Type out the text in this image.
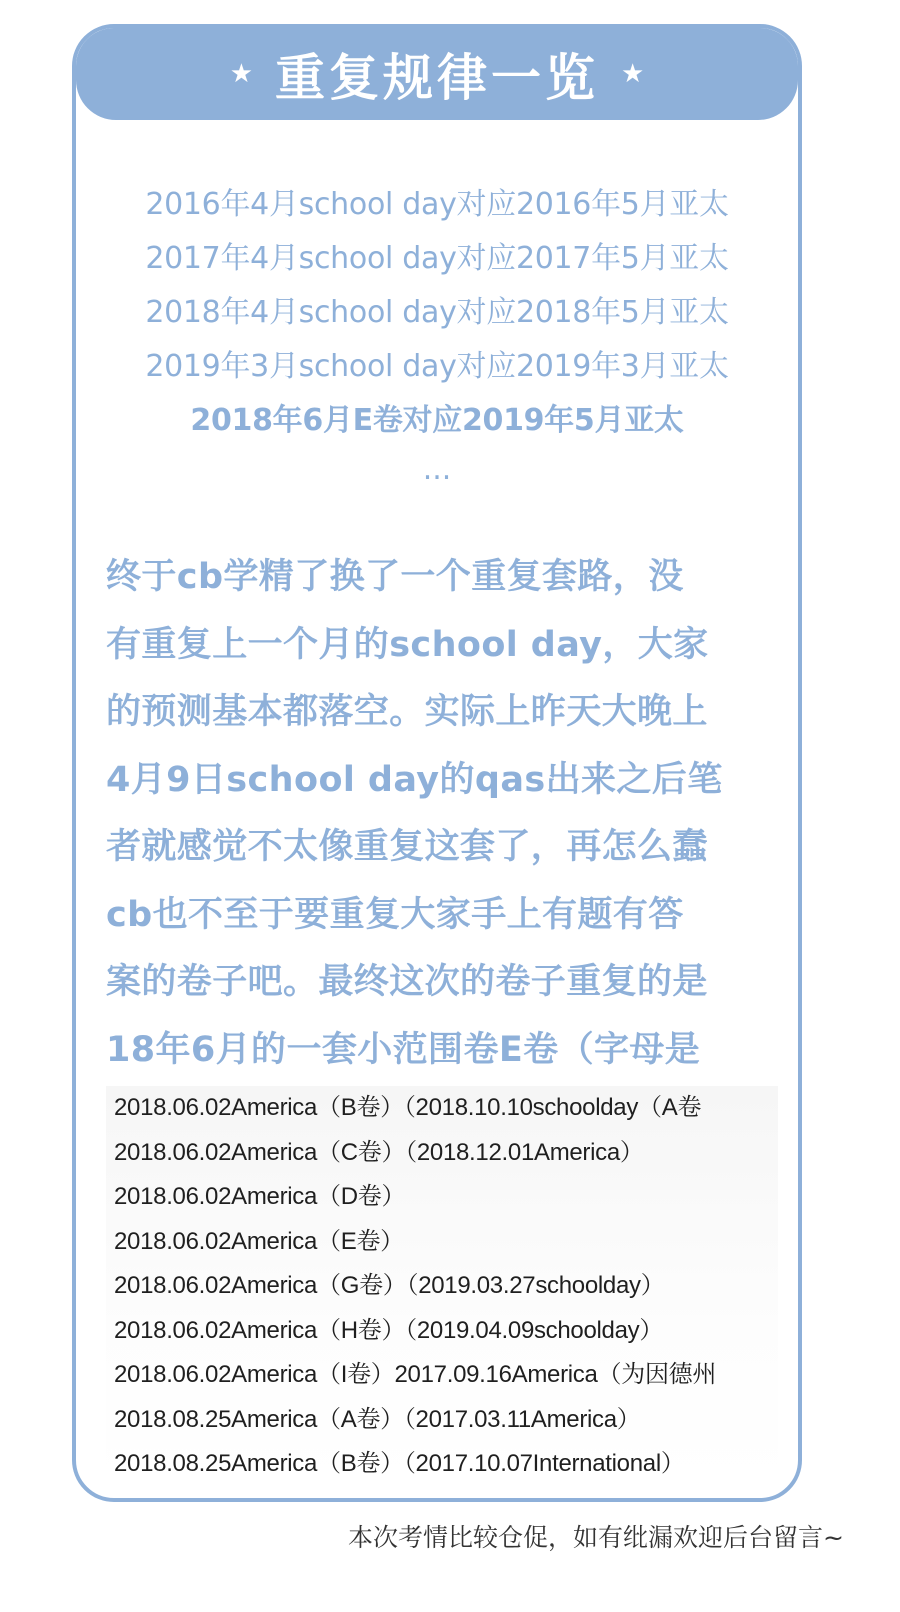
★ 重复规律一览 ★
2016年4月school day对应2016年5月亚太
2017年4月school day对应2017年5月亚太
2018年4月school day对应2018年5月亚太
2019年3月school day对应2019年3月亚太
2018年6月E卷对应2019年5月亚太
...
终于cb学精了换了一个重复套路，没
有重复上一个月的school day，大家
的预测基本都落空。实际上昨天大晚上
4月9日school day的qas出来之后笔
者就感觉不太像重复这套了，再怎么蠢
cb也不至于要重复大家手上有题有答
案的卷子吧。最终这次的卷子重复的是
18年6月的一套小范围卷E卷（字母是
2018.06.02America（B卷）（2018.10.10schoolday（A卷
2018.06.02America（C卷）（2018.12.01America）
2018.06.02America（D卷）
2018.06.02America（E卷）
2018.06.02America（G卷）（2019.03.27schoolday）
2018.06.02America（H卷）（2019.04.09schoolday）
2018.06.02America（I卷）2017.09.16America（为因德州
2018.08.25America（A卷）（2017.03.11America）
2018.08.25America（B卷）（2017.10.07International）
本次考情比较仓促，如有纰漏欢迎后台留言~
